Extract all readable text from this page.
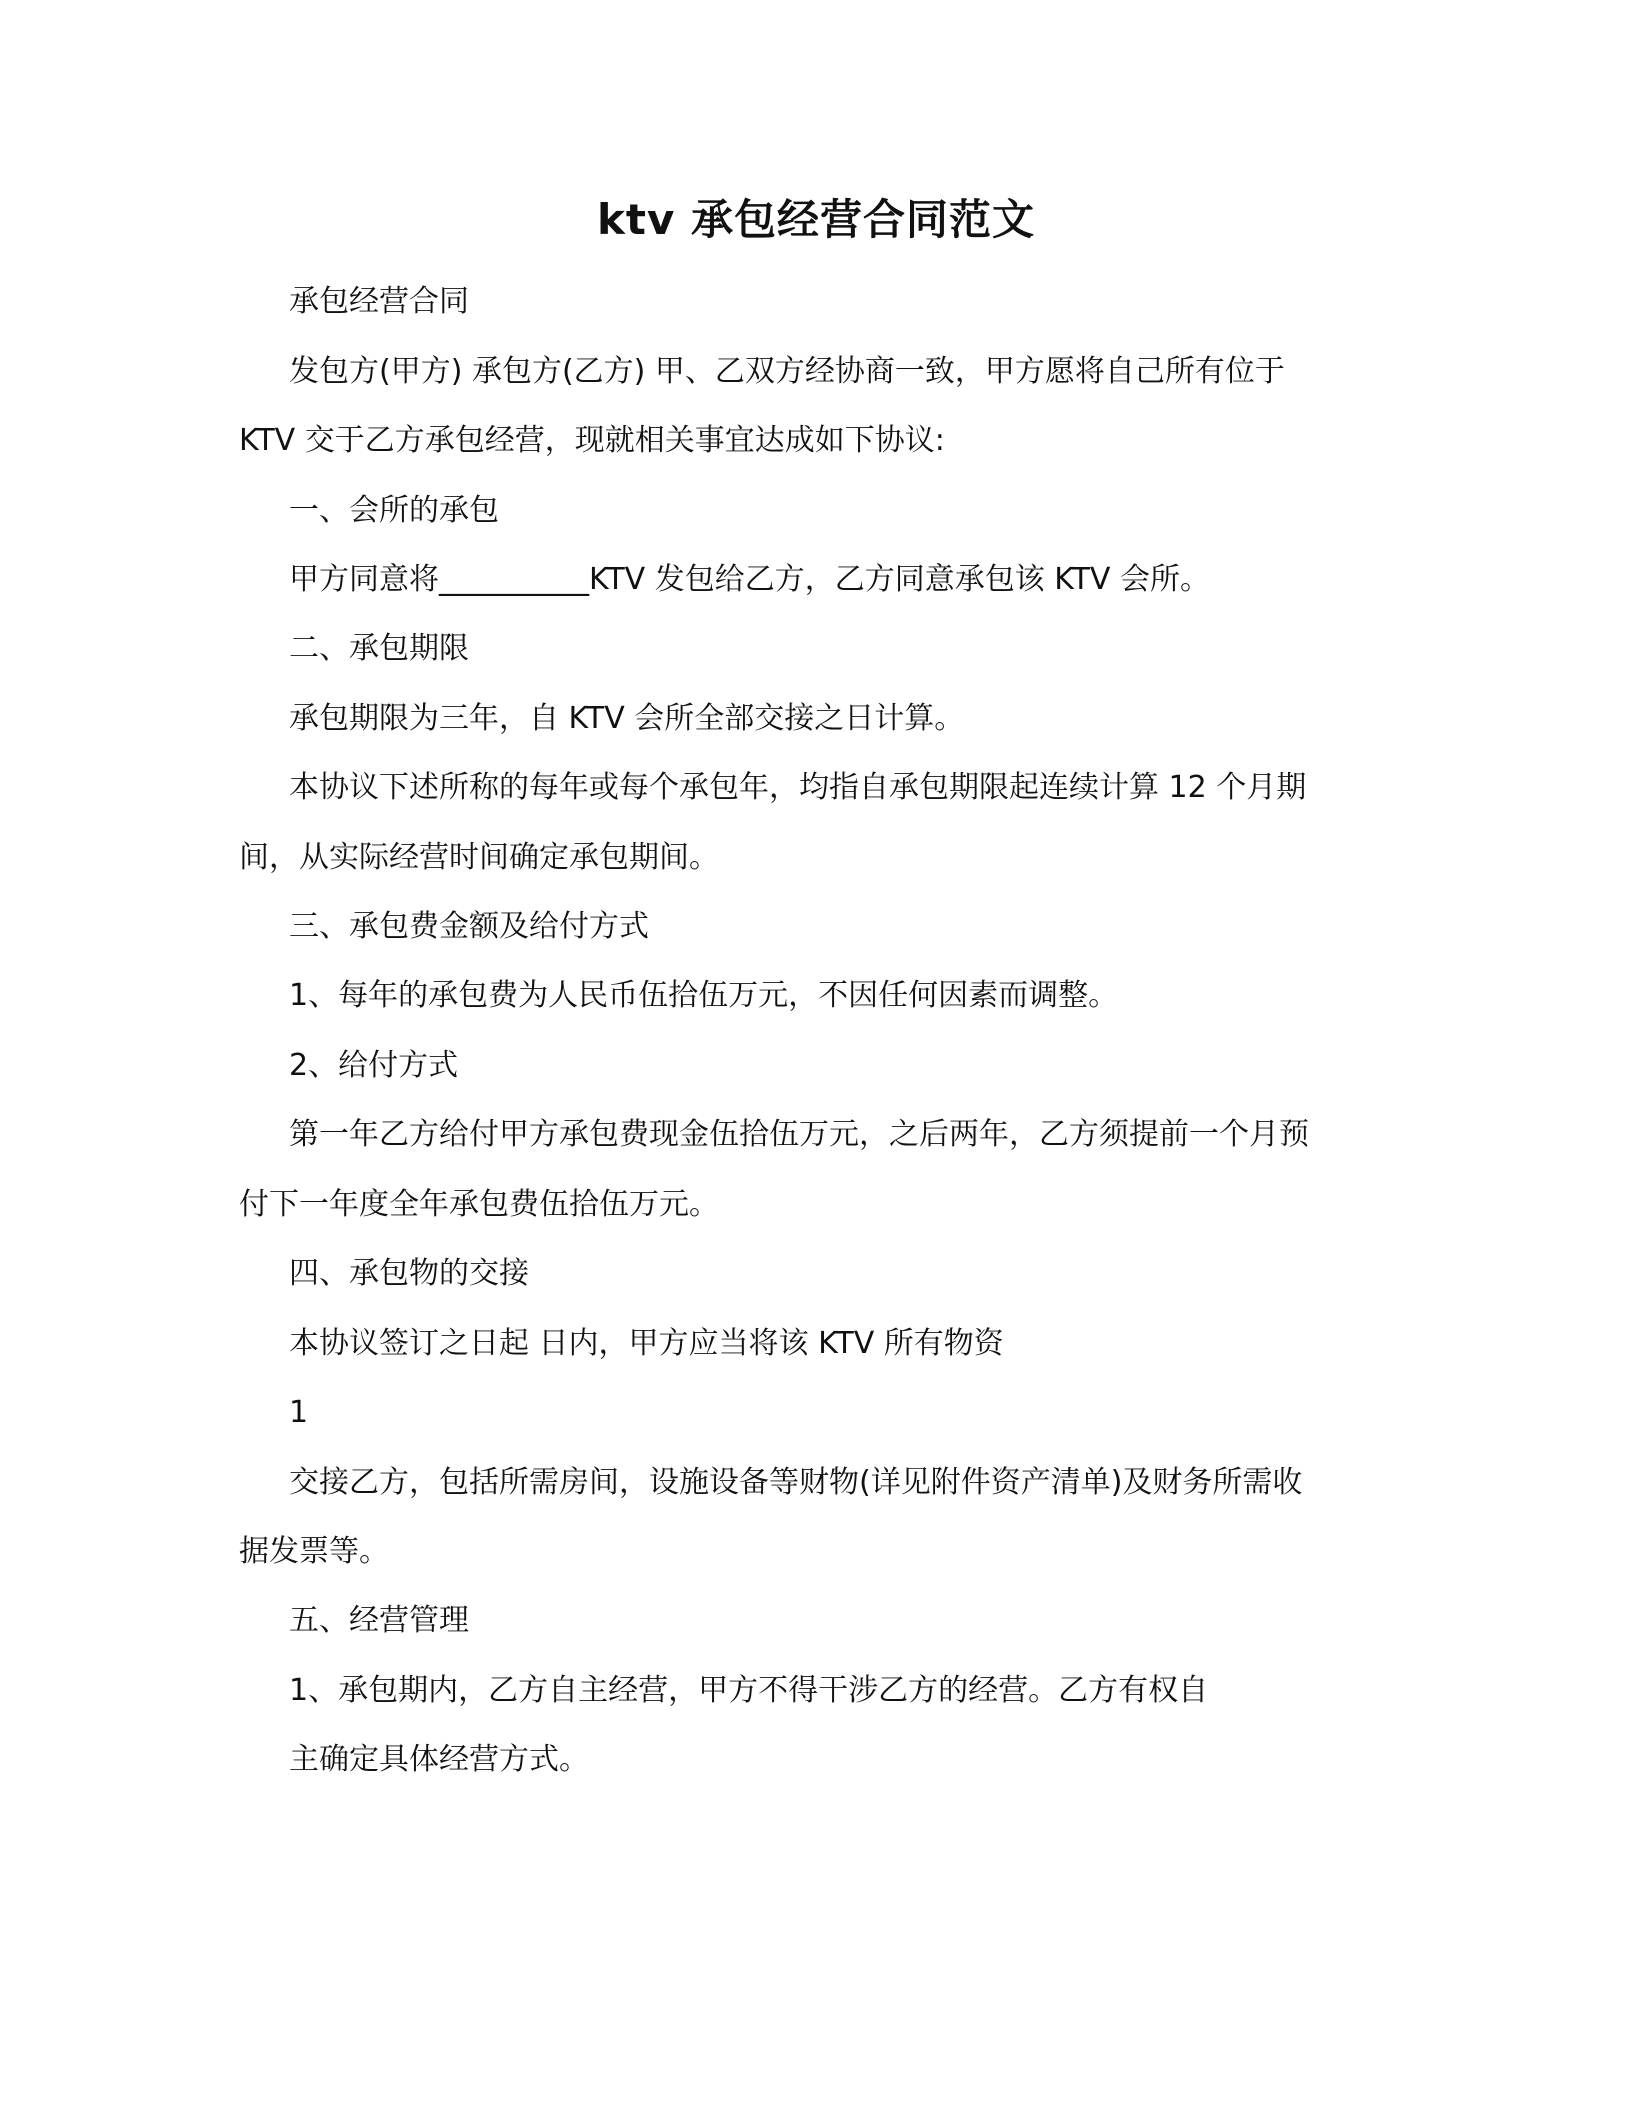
ktv 承包经营合同范文
承包经营合同
发包方(甲方) 承包方(乙方) 甲、乙双方经协商一致，甲方愿将自己所有位于
KTV 交于乙方承包经营，现就相关事宜达成如下协议:
一、会所的承包
甲方同意将__________KTV 发包给乙方，乙方同意承包该 KTV 会所。
二、承包期限
承包期限为三年，自 KTV 会所全部交接之日计算。
本协议下述所称的每年或每个承包年，均指自承包期限起连续计算 12 个月期
间，从实际经营时间确定承包期间。
三、承包费金额及给付方式
1、每年的承包费为人民币伍拾伍万元，不因任何因素而调整。
2、给付方式
第一年乙方给付甲方承包费现金伍拾伍万元，之后两年，乙方须提前一个月预
付下一年度全年承包费伍拾伍万元。
四、承包物的交接
本协议签订之日起 日内，甲方应当将该 KTV 所有物资
1
交接乙方，包括所需房间，设施设备等财物(详见附件资产清单)及财务所需收
据发票等。
五、经营管理
1、承包期内，乙方自主经营，甲方不得干涉乙方的经营。乙方有权自
主确定具体经营方式。
